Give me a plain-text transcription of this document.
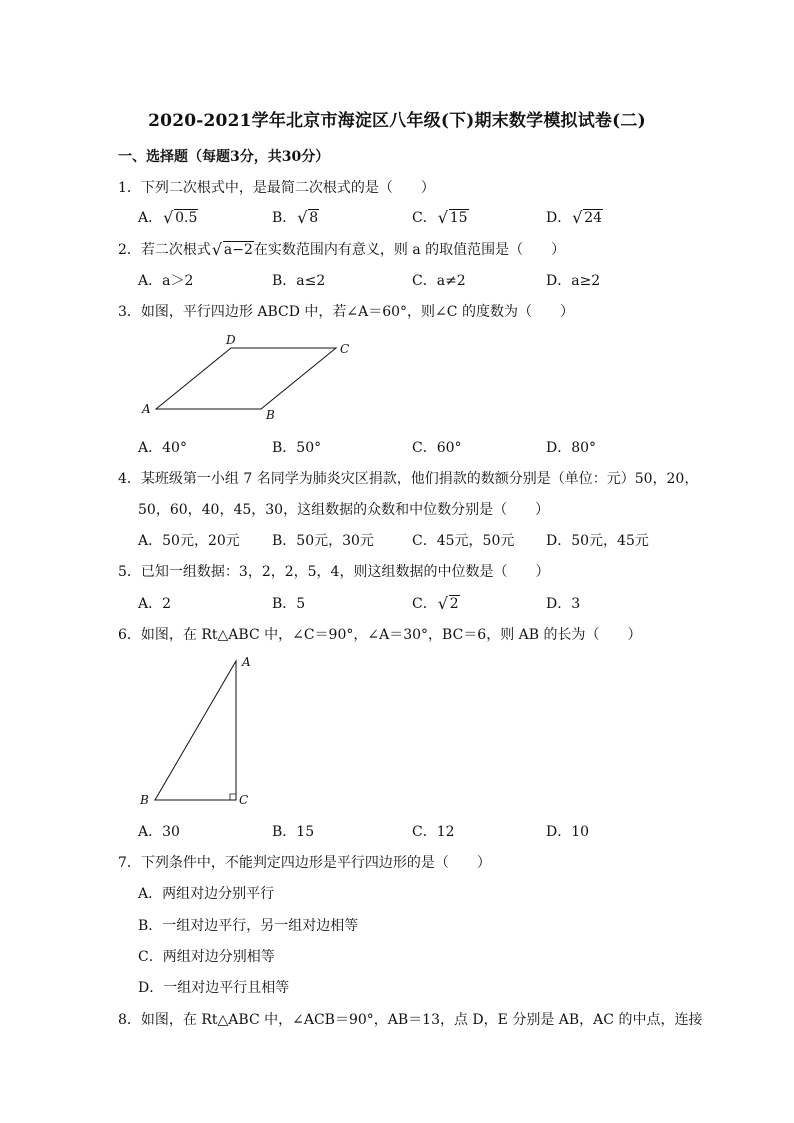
2020-2021学年北京市海淀区八年级(下)期末数学模拟试卷(二)
一、选择题（每题3分，共30分）
1．下列二次根式中，是最简二次根式的是（　　）
A． √ 0.5	B． √ 8	C． √ 15	D． √ 24
2．若二次根式 √ a−2在实数范围内有意义，则 a 的取值范围是（　　）
A．a＞2	B．a≤2	C．a≠2	D．a≥2
3．如图，平行四边形 ABCD 中，若∠A＝60°，则∠C 的度数为（　　）
A	B
C
D
A．40°	B．50°	C．60°	D．80°
4．某班级第一小组 7 名同学为肺炎灾区捐款，他们捐款的数额分别是（单位：元）50，20，
50，60，40，45，30，这组数据的众数和中位数分别是（　　）
A．50元，20元 B．50元，30元	C．45元，50元 D．50元，45元
5．已知一组数据：3，2，2，5，4，则这组数据的中位数是（　　）
A．2	B．5	C． √ 2	D．3
6．如图，在 Rt△ABC 中，∠C＝90°，∠A＝30°，BC＝6，则 AB 的长为（　　）
A
B	C
A．30	B．15	C．12	D．10
7．下列条件中，不能判定四边形是平行四边形的是（　　）
A．两组对边分别平行
B．一组对边平行，另一组对边相等
C．两组对边分别相等
D．一组对边平行且相等
8．如图，在 Rt△ABC 中，∠ACB＝90°，AB＝13，点 D，E 分别是 AB，AC 的中点，连接
